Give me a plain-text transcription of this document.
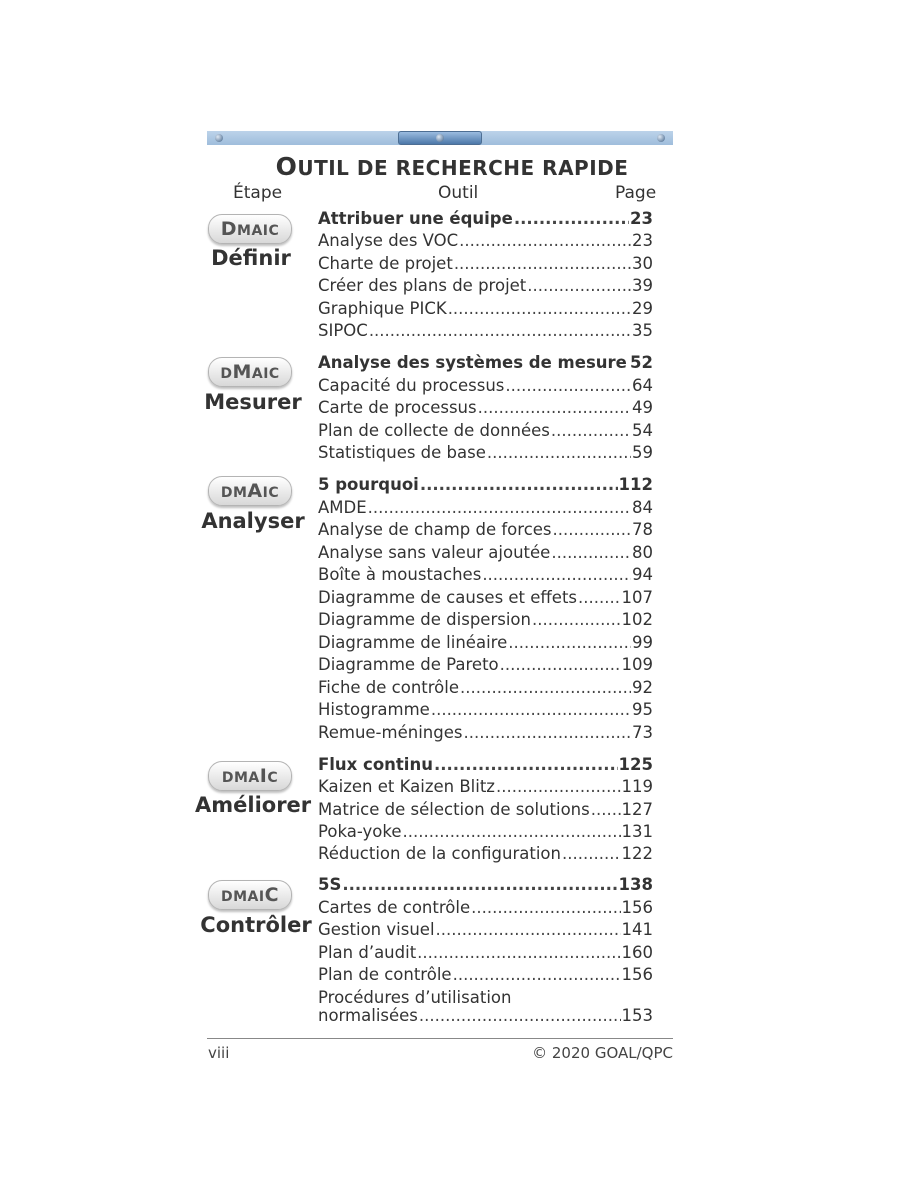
OUTIL DE RECHERCHE RAPIDE
Étape	Outil	Page
DMAIC
Définir
Attribuer une équipe .....	23
Analyse des VOC .....	23
Charte de projet .....	30
Créer des plans de projet .....	39
Graphique PICK .....	29
SIPOC .....	35
DMAIC
Mesurer
Analyse des systèmes de mesure ..... 52
Capacité du processus .....	64
Carte de processus .....	49
Plan de collecte de données .....	54
Statistiques de base .....	59
DMAIC
Analyser
5 pourquoi .....	112
AMDE .....	84
Analyse de champ de forces .....	78
Analyse sans valeur ajoutée .....	80
Boîte à moustaches .....	94
Diagramme de causes et effets .....	107
Diagramme de dispersion .....	102
Diagramme de linéaire .....	99
Diagramme de Pareto .....	109
Fiche de contrôle .....	92
Histogramme .....	95
Remue-méninges .....	73
DMAIC
Améliorer
Flux continu .....	125
Kaizen et Kaizen Blitz .....	119
Matrice de sélection de solutions ..... 127
Poka-yoke .....	131
Réduction de la configuration .....	122
DMAIC
Contrôler
5S .....	138
Cartes de contrôle .....	156
Gestion visuel .....	141
Plan d’audit .....	160
Plan de contrôle .....	156
Procédures d’utilisation
normalisées .....	153
viii	© 2020 GOAL/QPC
